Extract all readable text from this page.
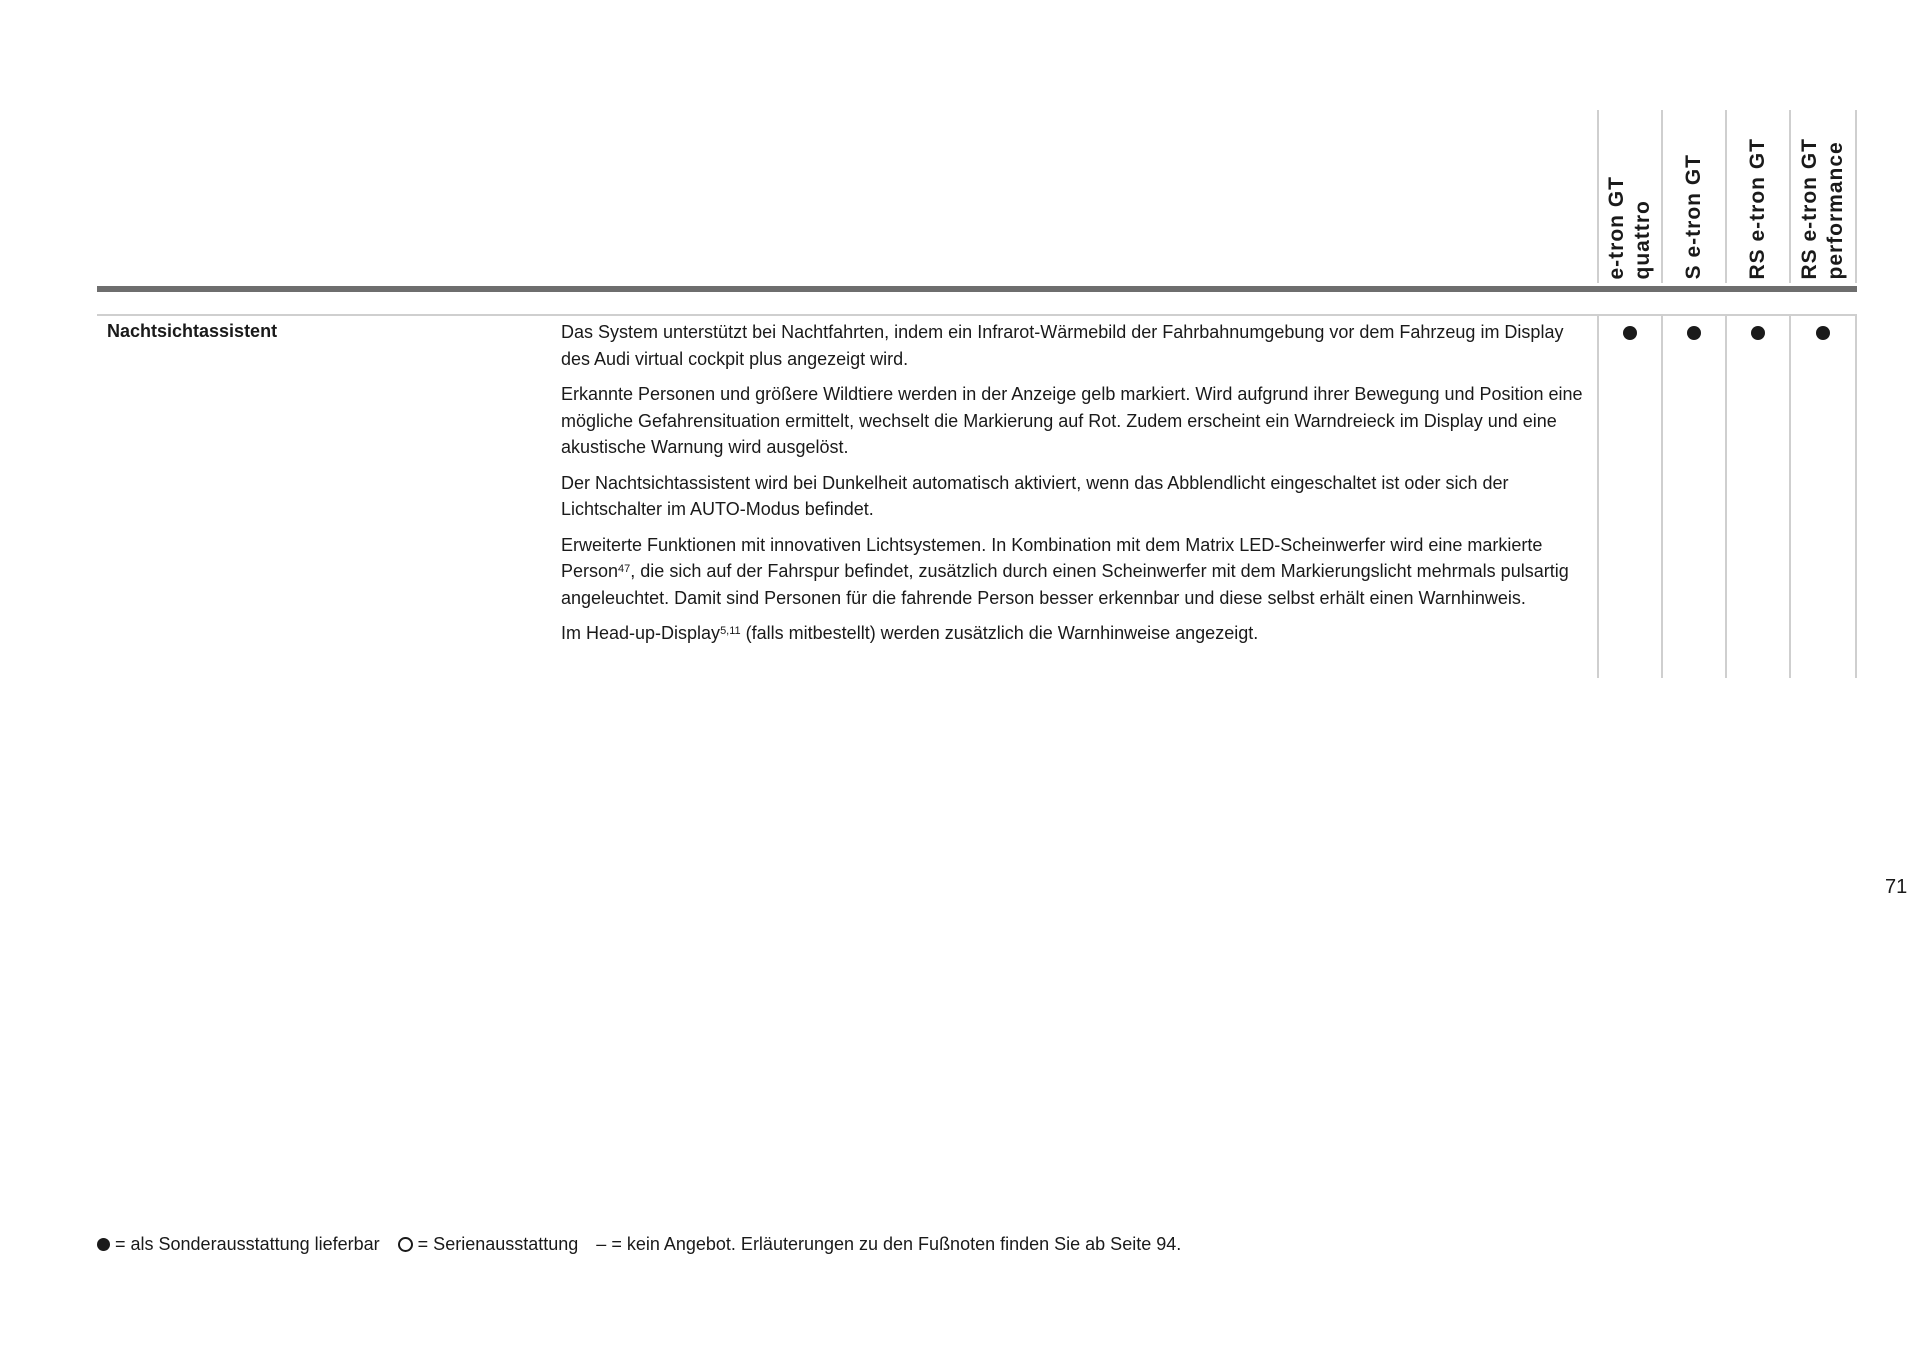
e-tron GT quattro S e-tron GT RS e-tron GT RS e-tron GT performance
Nachtsichtassistent	Das System unterstützt bei Nachtfahrten, indem ein Infrarot-Wärmebild der Fahrbahnumgebung vor dem Fahrzeug im Display des Audi virtual cockpit plus angezeigt wird.

Erkannte Personen und größere Wildtiere werden in der Anzeige gelb markiert. Wird aufgrund ihrer Bewegung und Position eine mögliche Gefahrensituation ermittelt, wechselt die Markierung auf Rot. Zudem erscheint ein Warndreieck im Display und eine akustische Warnung wird ausgelöst.

Der Nachtsichtassistent wird bei Dunkelheit automatisch aktiviert, wenn das Abblendlicht eingeschaltet ist oder sich der Lichtschalter im AUTO-Modus befindet.

Erweiterte Funktionen mit innovativen Lichtsystemen. In Kombination mit dem Matrix LED-Scheinwerfer wird eine markierte Person$^{47}$, die sich auf der Fahrspur befindet, zusätzlich durch einen Scheinwerfer mit dem Markierungslicht mehrmals pulsartig angeleuchtet. Damit sind Personen für die fahrende Person besser erkennbar und diese selbst erhält einen Warnhinweis.

Im Head-up-Display$^{5,11}$ (falls mitbestellt) werden zusätzlich die Warnhinweise angezeigt.

71
= als Sonderausstattung lieferbar = Serienausstattung –
= kein Angebot. Erläuterungen zu den Fußnoten finden Sie ab Seite 94.
